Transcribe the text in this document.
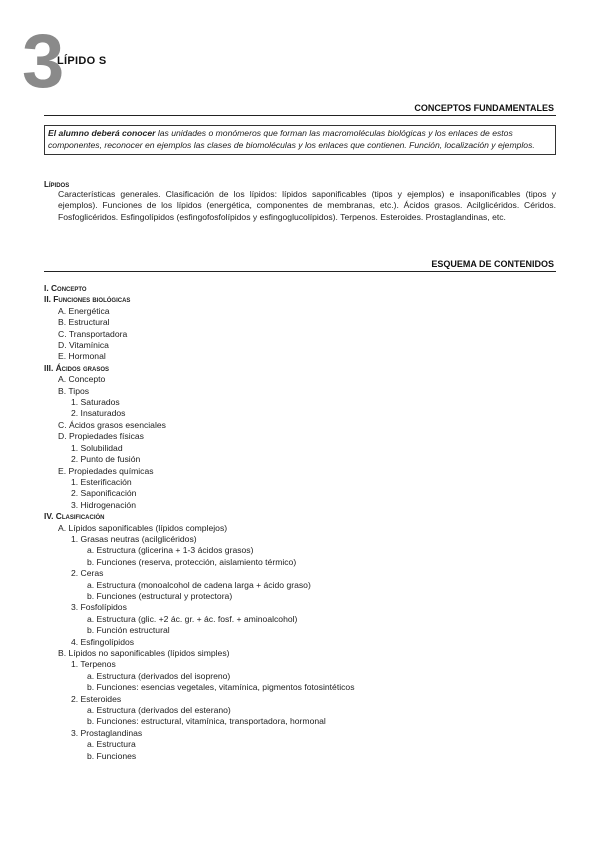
3
LÍPIDO S
CONCEPTOS FUNDAMENTALES
El alumno deberá conocer las unidades o monómeros que forman las macromoléculas biológicas y los enlaces de estos componentes, reconocer en ejemplos las clases de biomoléculas y los enlaces que contienen. Función, localización y ejemplos.
Lípidos
Características generales. Clasificación de los lípidos: lípidos saponificables (tipos y ejemplos) e insaponificables (tipos y ejemplos). Funciones de los lípidos (energética, componentes de membranas, etc.). Ácidos grasos. Acilglicéridos. Céridos. Fosfoglicéridos. Esfingolípidos (esfingofosfolípidos y esfingoglucolípidos). Terpenos. Esteroides. Prostaglandinas, etc.
ESQUEMA DE CONTENIDOS
I. Concepto
II. Funciones biológicas
A. Energética
B. Estructural
C. Transportadora
D. Vitamínica
E. Hormonal
III. Ácidos grasos
A. Concepto
B. Tipos
1. Saturados
2. Insaturados
C. Ácidos grasos esenciales
D. Propiedades físicas
1. Solubilidad
2. Punto de fusión
E. Propiedades químicas
1. Esterificación
2. Saponificación
3. Hidrogenación
IV. Clasificación
A. Lípidos saponificables (lípidos complejos)
1. Grasas neutras (acilglicéridos)
a. Estructura (glicerina + 1-3 ácidos grasos)
b. Funciones (reserva, protección, aislamiento térmico)
2. Ceras
a. Estructura (monoalcohol de cadena larga + ácido graso)
b. Funciones (estructural y protectora)
3. Fosfolípidos
a. Estructura (glic. +2 ác. gr. + ác. fosf. + aminoalcohol)
b. Función estructural
4. Esfingolípidos
B. Lípidos no saponificables (lípidos simples)
1. Terpenos
a. Estructura (derivados del isopreno)
b. Funciones: esencias vegetales, vitamínica, pigmentos fotosintéticos
2. Esteroides
a. Estructura (derivados del esterano)
b. Funciones: estructural, vitamínica, transportadora, hormonal
3. Prostaglandinas
a. Estructura
b. Funciones
